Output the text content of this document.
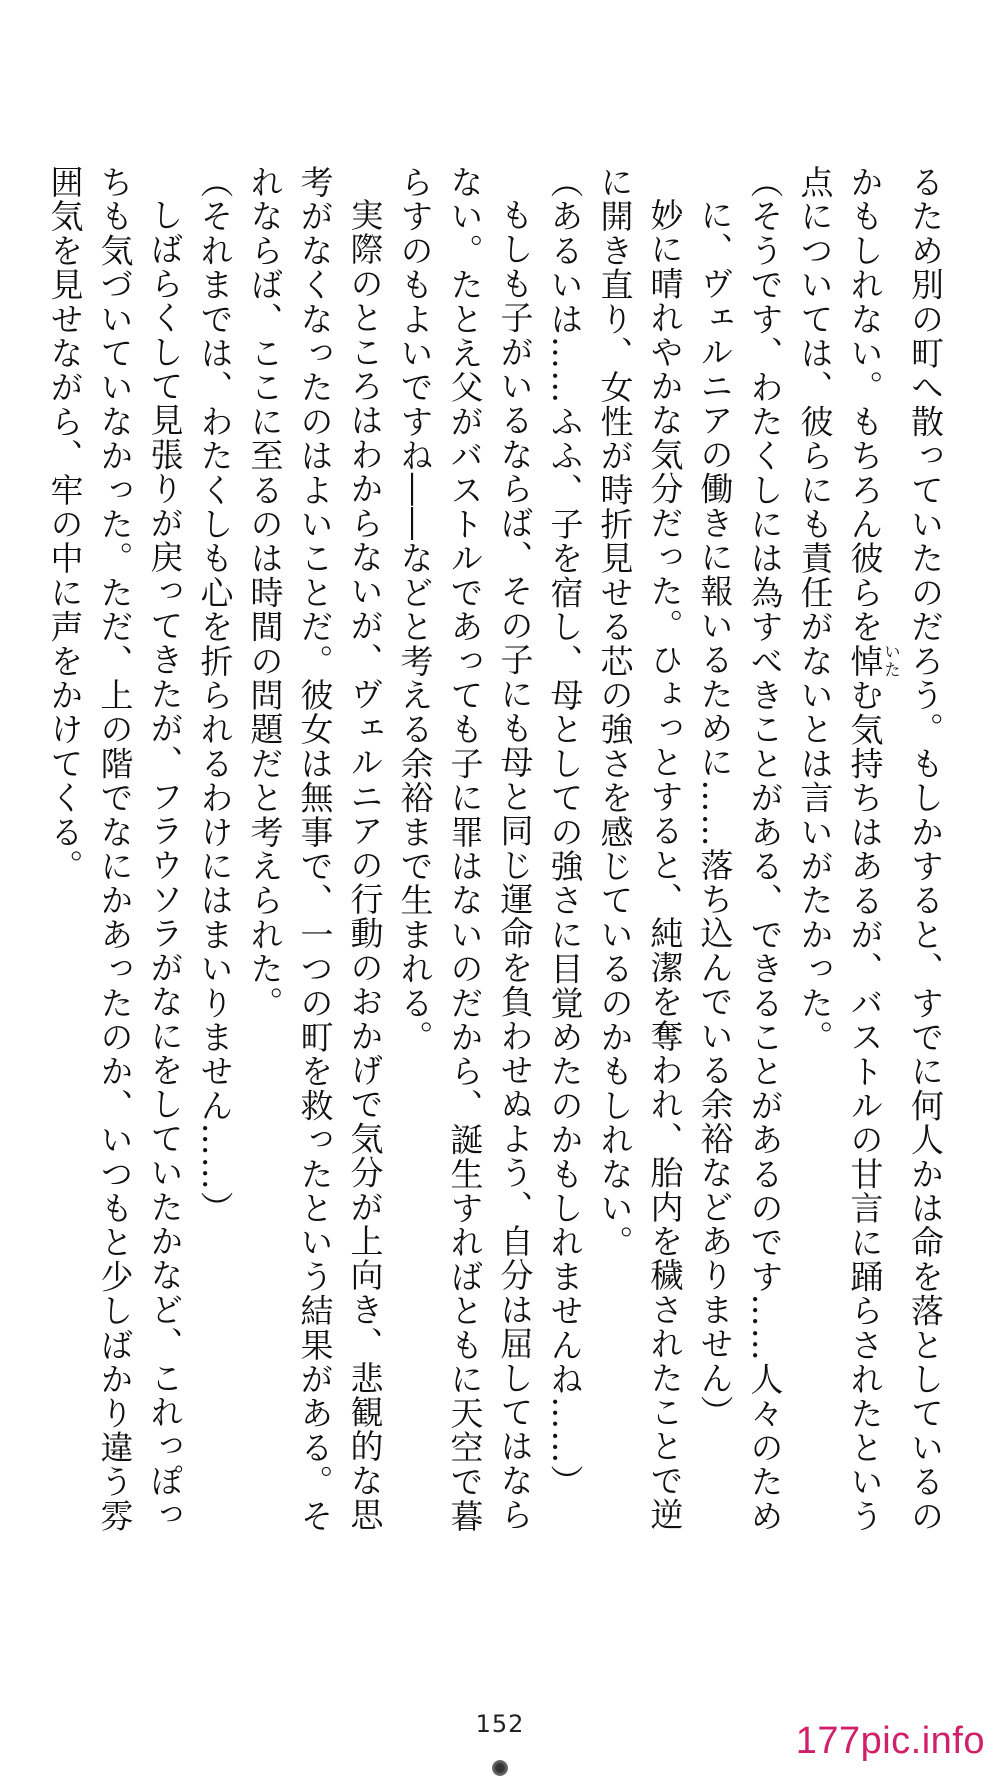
るため別の町へ散っていたのだろう。もしかすると、すでに何人かは命を落としているの

かもしれない。もちろん彼らを悼いたむ気持ちはあるが、バストルの甘言に踊らされたという

点については、彼らにも責任がないとは言いがたかった。

（そうです、わたくしには為すべきことがある、できることがあるのです……人々のため

に、ヴェルニアの働きに報いるために……落ち込んでいる余裕などありません）

妙に晴れやかな気分だった。ひょっとすると、純潔を奪われ、胎内を穢されたことで逆

に開き直り、女性が時折見せる芯の強さを感じているのかもしれない。

（あるいは……ふふ、子を宿し、母としての強さに目覚めたのかもしれませんね……）

もしも子がいるならば、その子にも母と同じ運命を負わせぬよう、自分は屈してはなら

ない。たとえ父がバストルであっても子に罪はないのだから、誕生すればともに天空で暮

らすのもよいですね――などと考える余裕まで生まれる。

実際のところはわからないが、ヴェルニアの行動のおかげで気分が上向き、悲観的な思

考がなくなったのはよいことだ。彼女は無事で、一つの町を救ったという結果がある。そ

れならば、ここに至るのは時間の問題だと考えられた。

（それまでは、わたくしも心を折られるわけにはまいりません……）

しばらくして見張りが戻ってきたが、フラウソラがなにをしていたかなど、これっぽっ

ちも気づいていなかった。ただ、上の階でなにかあったのか、いつもと少しばかり違う雰

囲気を見せながら、牢の中に声をかけてくる。

152	177pic.info
